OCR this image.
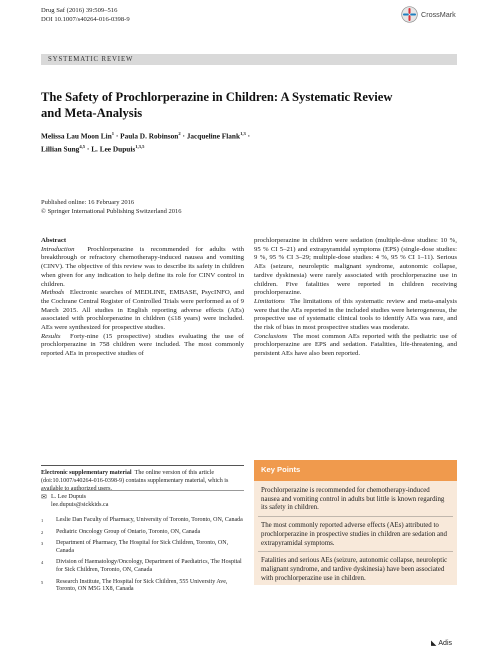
Drug Saf (2016) 39:509–516
DOI 10.1007/s40264-016-0398-9
CrossMark
SYSTEMATIC REVIEW
The Safety of Prochlorperazine in Children: A Systematic Review
and Meta-Analysis
Melissa Lau Moon Lin$^1$ · Paula D. Robinson$^2$ · Jacqueline Flank$^{1,3}$ ·
Lillian Sung$^{4,5}$ · L. Lee Dupuis$^{1,3,5}$
Published online: 16 February 2016
© Springer International Publishing Switzerland 2016
Abstract

Introduction Prochlorperazine is recommended for adults with breakthrough or refractory chemotherapy-induced nausea and vomiting (CINV). The objective of this review was to describe its safety in children when given for any indication to help define its role for CINV control in children.

Methods Electronic searches of MEDLINE, EMBASE, PsycINFO, and the Cochrane Central Register of Controlled Trials were performed as of 9 March 2015. All studies in English reporting adverse effects (AEs) associated with prochlorperazine in children (≤18 years) were included. AEs were synthesized for prospective studies.

Results Forty-nine (15 prospective) studies evaluating the use of prochlorperazine in 758 children were included. The most commonly reported AEs in prospective studies of

prochlorperazine in children were sedation (multiple-dose studies: 10 %, 95 % CI 5–21) and extrapyramidal symptoms (EPS) (single-dose studies: 9 %, 95 % CI 3–29; multiple-dose studies: 4 %, 95 % CI 1–11). Serious AEs (seizure, neuroleptic malignant syndrome, autonomic collapse, tardive dyskinesia) were rarely associated with prochlorperazine use in children. Five fatalities were reported in children receiving prochlorperazine.

Limitations The limitations of this systematic review and meta-analysis were that the AEs reported in the included studies were heterogeneous, the prospective use of systematic clinical tools to identify AEs was rare, and the risk of bias in most prospective studies was moderate.

Conclusions The most common AEs reported with the pediatric use of prochlorperazine are EPS and sedation. Fatalities, life-threatening, and persistent AEs have also been reported.

Electronic supplementary material The online version of this article (doi:10.1007/s40264-016-0398-9) contains supplementary material, which is available to authorized users.
✉ L. Lee Dupuis
lee.dupuis@sickkids.ca
1	Leslie Dan Faculty of Pharmacy, University of Toronto, Toronto, ON, Canada
2	Pediatric Oncology Group of Ontario, Toronto, ON, Canada
3	Department of Pharmacy, The Hospital for Sick Children, Toronto, ON, Canada
4	Division of Haematology/Oncology, Department of Paediatrics, The Hospital for Sick Children, Toronto, ON, Canada
5	Research Institute, The Hospital for Sick Children, 555 University Ave, Toronto, ON M5G 1X8, Canada
Key Points
Prochlorperazine is recommended for chemotherapy-induced nausea and vomiting control in adults but little is known regarding its safety in children.
The most commonly reported adverse effects (AEs) attributed to prochlorperazine in prospective studies in children are sedation and extrapyramidal symptoms.
Fatalities and serious AEs (seizure, autonomic collapse, neuroleptic malignant syndrome, and tardive dyskinesia) have been associated with prochlorperazine use in children.
◣ Adis
